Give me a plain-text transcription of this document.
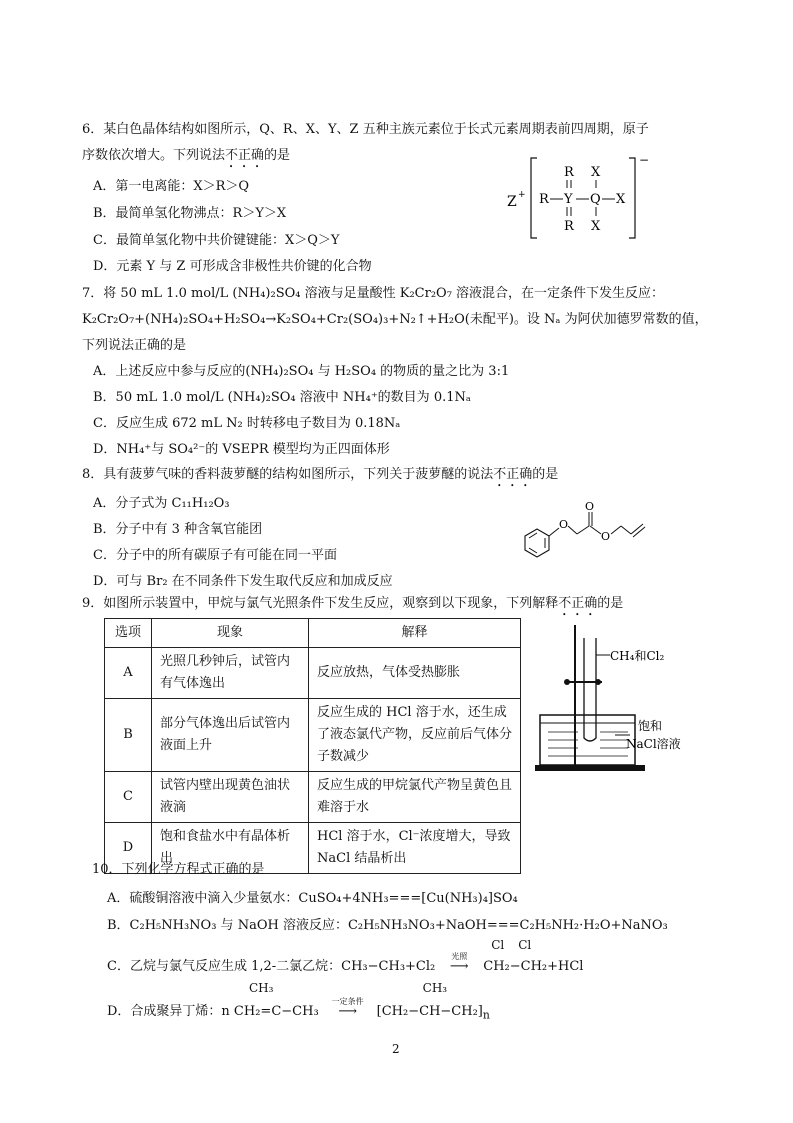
6．某白色晶体结构如图所示，Q、R、X、Y、Z 五种主族元素位于长式元素周期表前四周期，原子
序数依次增大。下列说法不正确的是
A．第一电离能：X＞R＞Q
B．最简单氢化物沸点：R＞Y＞X
C．最简单氢化物中共价键键能：X＞Q＞Y
D．元素 Y 与 Z 可形成含非极性共价键的化合物
Z +
−
R Y Q X
R
R
X
X
7．将 50 mL 1.0 mol/L (NH₄)₂SO₄ 溶液与足量酸性 K₂Cr₂O₇ 溶液混合，在一定条件下发生反应：
K₂Cr₂O₇+(NH₄)₂SO₄+H₂SO₄→K₂SO₄+Cr₂(SO₄)₃+N₂↑+H₂O(未配平)。设 Nₐ 为阿伏加德罗常数的值，
下列说法正确的是
A．上述反应中参与反应的(NH₄)₂SO₄ 与 H₂SO₄ 的物质的量之比为 3:1
B．50 mL 1.0 mol/L (NH₄)₂SO₄ 溶液中 NH₄⁺的数目为 0.1Nₐ
C．反应生成 672 mL N₂ 时转移电子数目为 0.18Nₐ
D．NH₄⁺与 SO₄²⁻的 VSEPR 模型均为正四面体形
8．具有菠萝气味的香料菠萝醚的结构如图所示，下列关于菠萝醚的说法不正确的是
A．分子式为 C₁₁H₁₂O₃
B．分子中有 3 种含氧官能团
C．分子中的所有碳原子有可能在同一平面
D．可与 Br₂ 在不同条件下发生取代反应和加成反应
O
O
O
9．如图所示装置中，甲烷与氯气光照条件下发生反应，观察到以下现象，下列解释不正确的是
选项	现象	解释
A	光照几秒钟后，试管内有气体逸出	反应放热，气体受热膨胀
B	部分气体逸出后试管内液面上升	反应生成的 HCl 溶于水，还生成了液态氯代产物，反应前后气体分子数减少
C	试管内壁出现黄色油状液滴	反应生成的甲烷氯代产物呈黄色且难溶于水
D	饱和食盐水中有晶体析出	HCl 溶于水，Cl⁻浓度增大，导致 NaCl 结晶析出
CH₄和Cl₂
饱和
NaCl溶液
10．下列化学方程式正确的是
A．硫酸铜溶液中滴入少量氨水：CuSO₄+4NH₃===[Cu(NH₃)₄]SO₄
B．C₂H₅NH₃NO₃ 与 NaOH 溶液反应：C₂H₅NH₃NO₃+NaOH===C₂H₅NH₂·H₂O+NaNO₃
C．乙烷与氯气反应生成 1,2-二氯乙烷：CH₃−CH₃+Cl₂
光照
⟶
Cl Cl
CH₂−CH₂+HCl
CH₃
D．合成聚异丁烯：n CH₂=C−CH₃
一定条件
⟶
CH₃
$[CH_2-CH-CH_2]_n$
2
